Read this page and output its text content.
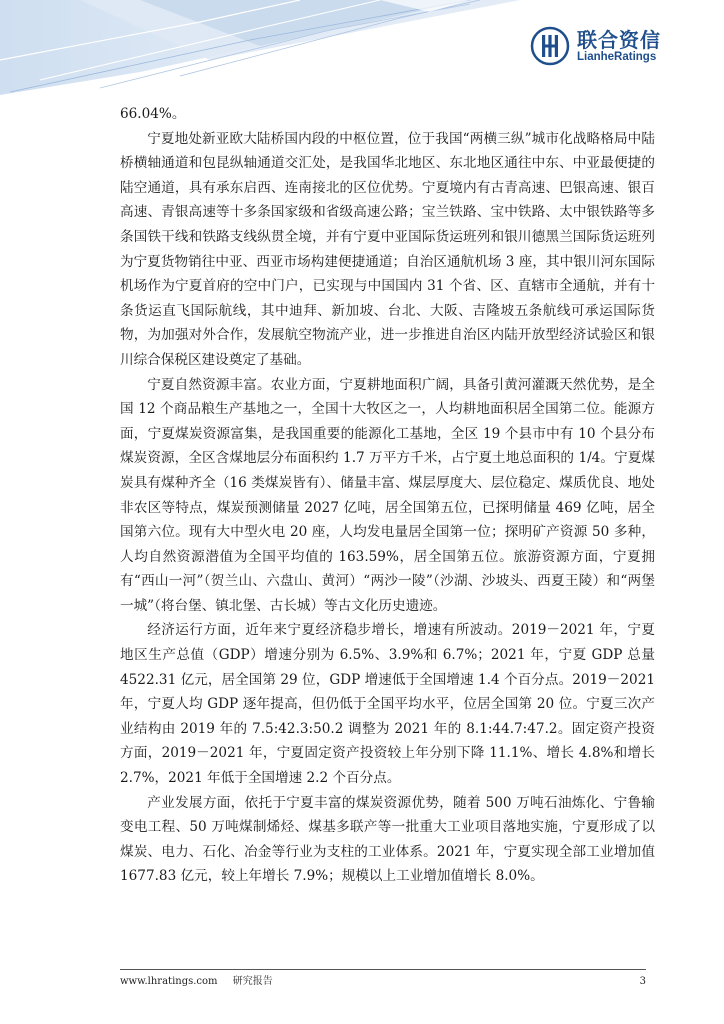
联合资信
LianheRatings

66.04%。

宁夏地处新亚欧大陆桥国内段的中枢位置，位于我国“两横三纵”城市化战略格局中陆桥横轴通道和包昆纵轴通道交汇处，是我国华北地区、东北地区通往中东、中亚最便捷的陆空通道，具有承东启西、连南接北的区位优势。宁夏境内有古青高速、巴银高速、银百高速、青银高速等十多条国家级和省级高速公路；宝兰铁路、宝中铁路、太中银铁路等多条国铁干线和铁路支线纵贯全境，并有宁夏中亚国际货运班列和银川德黑兰国际货运班列为宁夏货物销往中亚、西亚市场构建便捷通道；自治区通航机场 3 座，其中银川河东国际机场作为宁夏首府的空中门户，已实现与中国国内 31 个省、区、直辖市全通航，并有十条货运直飞国际航线，其中迪拜、新加坡、台北、大阪、吉隆坡五条航线可承运国际货物，为加强对外合作，发展航空物流产业，进一步推进自治区内陆开放型经济试验区和银川综合保税区建设奠定了基础。

宁夏自然资源丰富。农业方面，宁夏耕地面积广阔，具备引黄河灌溉天然优势，是全国 12 个商品粮生产基地之一，全国十大牧区之一，人均耕地面积居全国第二位。能源方面，宁夏煤炭资源富集，是我国重要的能源化工基地，全区 19 个县市中有 10 个县分布煤炭资源，全区含煤地层分布面积约 1.7 万平方千米，占宁夏土地总面积的 1/4。宁夏煤炭具有煤种齐全（16 类煤炭皆有）、储量丰富、煤层厚度大、层位稳定、煤质优良、地处非农区等特点，煤炭预测储量 2027 亿吨，居全国第五位，已探明储量 469 亿吨，居全国第六位。现有大中型火电 20 座，人均发电量居全国第一位；探明矿产资源 50 多种，人均自然资源潜值为全国平均值的 163.59%，居全国第五位。旅游资源方面，宁夏拥有“西山一河”（贺兰山、六盘山、黄河）“两沙一陵”（沙湖、沙坡头、西夏王陵）和“两堡一城”（将台堡、镇北堡、古长城）等古文化历史遗迹。

经济运行方面，近年来宁夏经济稳步增长，增速有所波动。2019－2021 年，宁夏地区生产总值（GDP）增速分别为 6.5%、3.9%和 6.7%；2021 年，宁夏 GDP 总量 4522.31 亿元，居全国第 29 位，GDP 增速低于全国增速 1.4 个百分点。2019－2021 年，宁夏人均 GDP 逐年提高，但仍低于全国平均水平，位居全国第 20 位。宁夏三次产业结构由 2019 年的 7.5:42.3:50.2 调整为 2021 年的 8.1:44.7:47.2。固定资产投资方面，2019－2021 年，宁夏固定资产投资较上年分别下降 11.1%、增长 4.8%和增长 2.7%，2021 年低于全国增速 2.2 个百分点。

产业发展方面，依托于宁夏丰富的煤炭资源优势，随着 500 万吨石油炼化、宁鲁输变电工程、50 万吨煤制烯烃、煤基多联产等一批重大工业项目落地实施，宁夏形成了以煤炭、电力、石化、冶金等行业为支柱的工业体系。2021 年，宁夏实现全部工业增加值 1677.83 亿元，较上年增长 7.9%；规模以上工业增加值增长 8.0%。

www.lhratings.com 研究报告	3
